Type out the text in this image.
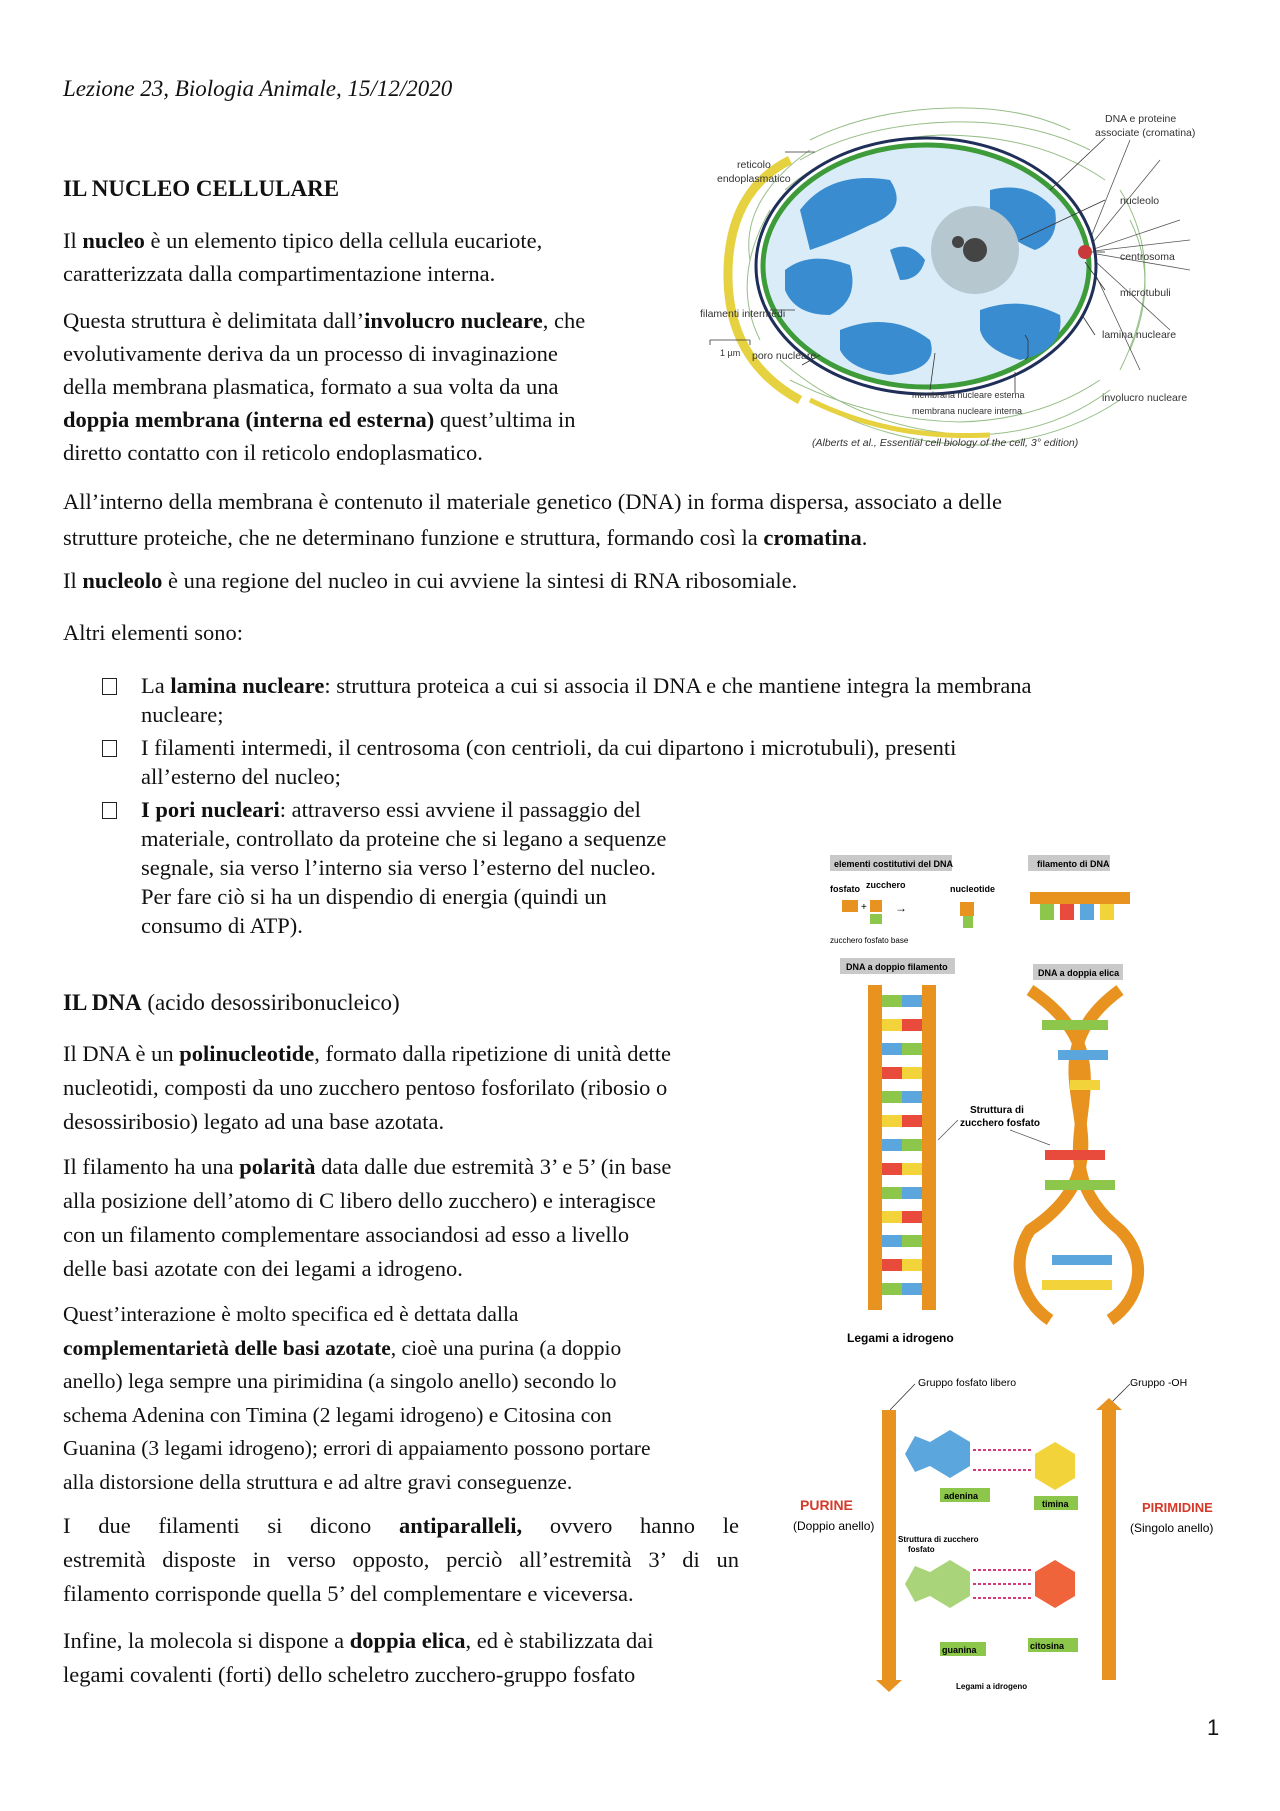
Lezione 23, Biologia Animale, 15/12/2020
IL NUCLEO CELLULARE
Il nucleo è un elemento tipico della cellula eucariote,
caratterizzata dalla compartimentazione interna.
Questa struttura è delimitata dall’involucro nucleare, che
evolutivamente deriva da un processo di invaginazione
della membrana plasmatica, formato a sua volta da una
doppia membrana (interna ed esterna) quest’ultima in
diretto contatto con il reticolo endoplasmatico.
All’interno della membrana è contenuto il materiale genetico (DNA) in forma dispersa, associato a delle
strutture proteiche, che ne determinano funzione e struttura, formando così la cromatina.
Il nucleolo è una regione del nucleo in cui avviene la sintesi di RNA ribosomiale.
Altri elementi sono:
La lamina nucleare: struttura proteica a cui si associa il DNA e che mantiene integra la membrana
nucleare;
I filamenti intermedi, il centrosoma (con centrioli, da cui dipartono i microtubuli), presenti
all’esterno del nucleo;
I pori nucleari: attraverso essi avviene il passaggio del
materiale, controllato da proteine che si legano a sequenze
segnale, sia verso l’interno sia verso l’esterno del nucleo.
Per fare ciò si ha un dispendio di energia (quindi un
consumo di ATP).
IL DNA (acido desossiribonucleico)
Il DNA è un polinucleotide, formato dalla ripetizione di unità dette
nucleotidi, composti da uno zucchero pentoso fosforilato (ribosio o
desossiribosio) legato ad una base azotata.
Il filamento ha una polarità data dalle due estremità 3’ e 5’ (in base
alla posizione dell’atomo di C libero dello zucchero) e interagisce
con un filamento complementare associandosi ad esso a livello
delle basi azotate con dei legami a idrogeno.
Quest’interazione è molto specifica ed è dettata dalla
complementarietà delle basi azotate, cioè una purina (a doppio
anello) lega sempre una pirimidina (a singolo anello) secondo lo
schema Adenina con Timina (2 legami idrogeno) e Citosina con
Guanina (3 legami idrogeno); errori di appaiamento possono portare
alla distorsione della struttura e ad altre gravi conseguenze.
I due filamenti si dicono antiparalleli, ovvero hanno le
estremità disposte in verso opposto, perciò all’estremità 3’ di un
filamento corrisponde quella 5’ del complementare e viceversa.
Infine, la molecola si dispone a doppia elica, ed è stabilizzata dai
legami covalenti (forti) dello scheletro zucchero-gruppo fosfato
1
DNA e proteine
associate (cromatina)
reticolo
endoplasmatico
nucleolo
centrosoma
microtubuli
filamenti intermedi
lamina nucleare
poro nucleare
1 µm
membrana nucleare esterna
membrana nucleare interna
involucro nucleare
(Alberts et al., Essential cell biology of the cell, 3° edition)
elementi costitutivi del DNA	filamento di DNA
fosfato zucchero	nucleotide
+ →
zucchero fosfato base
DNA a doppio filamento
DNA a doppia elica
Struttura di
zucchero fosfato
Legami a idrogeno
Gruppo fosfato libero	Gruppo -OH
PURINE
(Doppio anello)
PIRIMIDINE
(Singolo anello)
adenina
timina
Struttura di zucchero
fosfato
guanina	citosina
Legami a idrogeno
